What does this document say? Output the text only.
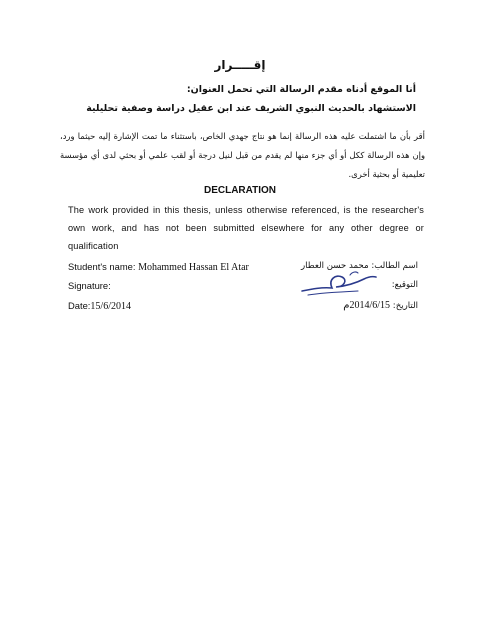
إقـــــرار
أنا الموقع أدناه مقدم الرسالة التي تحمل العنوان:
الاستشهاد بالحديث النبوي الشريف عند ابن عقيل دراسة وصفية تحليلية
أقر بأن ما اشتملت عليه هذه الرسالة إنما هو نتاج جهدي الخاص، باستثناء ما تمت الإشارة إليه حيثما ورد، وإن هذه الرسالة ككل أو أي جزء منها لم يقدم من قبل لنيل درجة أو لقب علمي أو بحثي لدى أي مؤسسة تعليمية أو بحثية أخرى.
DECLARATION
The work provided in this thesis, unless otherwise referenced, is the researcher's own work, and has not been submitted elsewhere for any other degree or qualification
Student's name: Mohammed Hassan El Atar
Signature:
Date:15/6/2014
اسم الطالب: محمد حسن العطار
التوقيع:
التاريخ: 2014/6/15م
